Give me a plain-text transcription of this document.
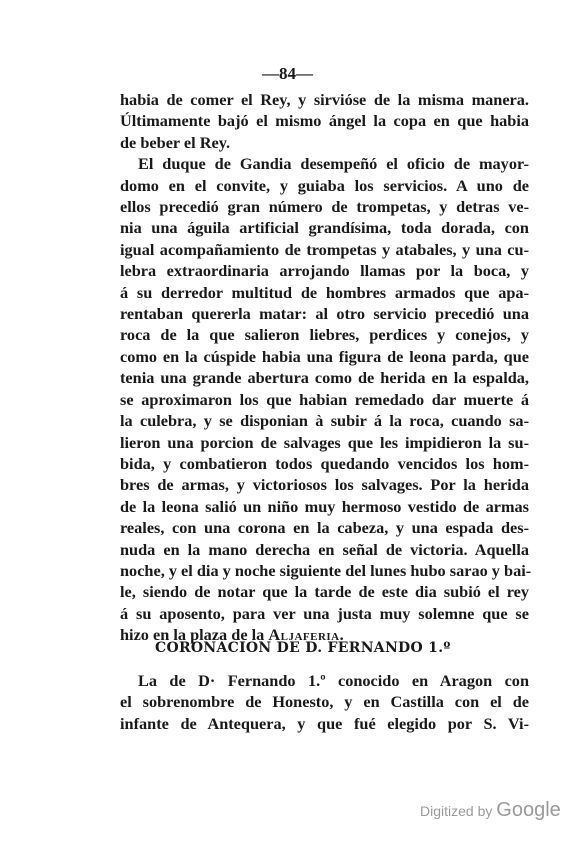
—84—
habia de comer el Rey, y sirvióse de la misma manera.
Últimamente bajó el mismo ángel la copa en que habia
de beber el Rey.
El duque de Gandia desempeñó el oficio de mayor-
domo en el convite, y guiaba los servicios. A uno de
ellos precedió gran número de trompetas, y detras ve-
nia una águila artificial grandísima, toda dorada, con
igual acompañamiento de trompetas y atabales, y una cu-
lebra extraordinaria arrojando llamas por la boca, y
á su derredor multitud de hombres armados que apa-
rentaban quererla matar: al otro servicio precedió una
roca de la que salieron liebres, perdices y conejos, y
como en la cúspide habia una figura de leona parda, que
tenia una grande abertura como de herida en la espalda,
se aproximaron los que habian remedado dar muerte á
la culebra, y se disponian à subir á la roca, cuando sa-
lieron una porcion de salvages que les impidieron la su-
bida, y combatieron todos quedando vencidos los hom-
bres de armas, y victoriosos los salvages. Por la herida
de la leona salió un niño muy hermoso vestido de armas
reales, con una corona en la cabeza, y una espada des-
nuda en la mano derecha en señal de victoria. Aquella
noche, y el dia y noche siguiente del lunes hubo sarao y bai-
le, siendo de notar que la tarde de este dia subió el rey
á su aposento, para ver una justa muy solemne que se
hizo en la plaza de la Aljaferia.
CORONACION DE D. FERNANDO 1.º
La de D· Fernando 1.º conocido en Aragon con
el sobrenombre de Honesto, y en Castilla con el de
infante de Antequera, y que fué elegido por S. Vi-
Digitized by Google
